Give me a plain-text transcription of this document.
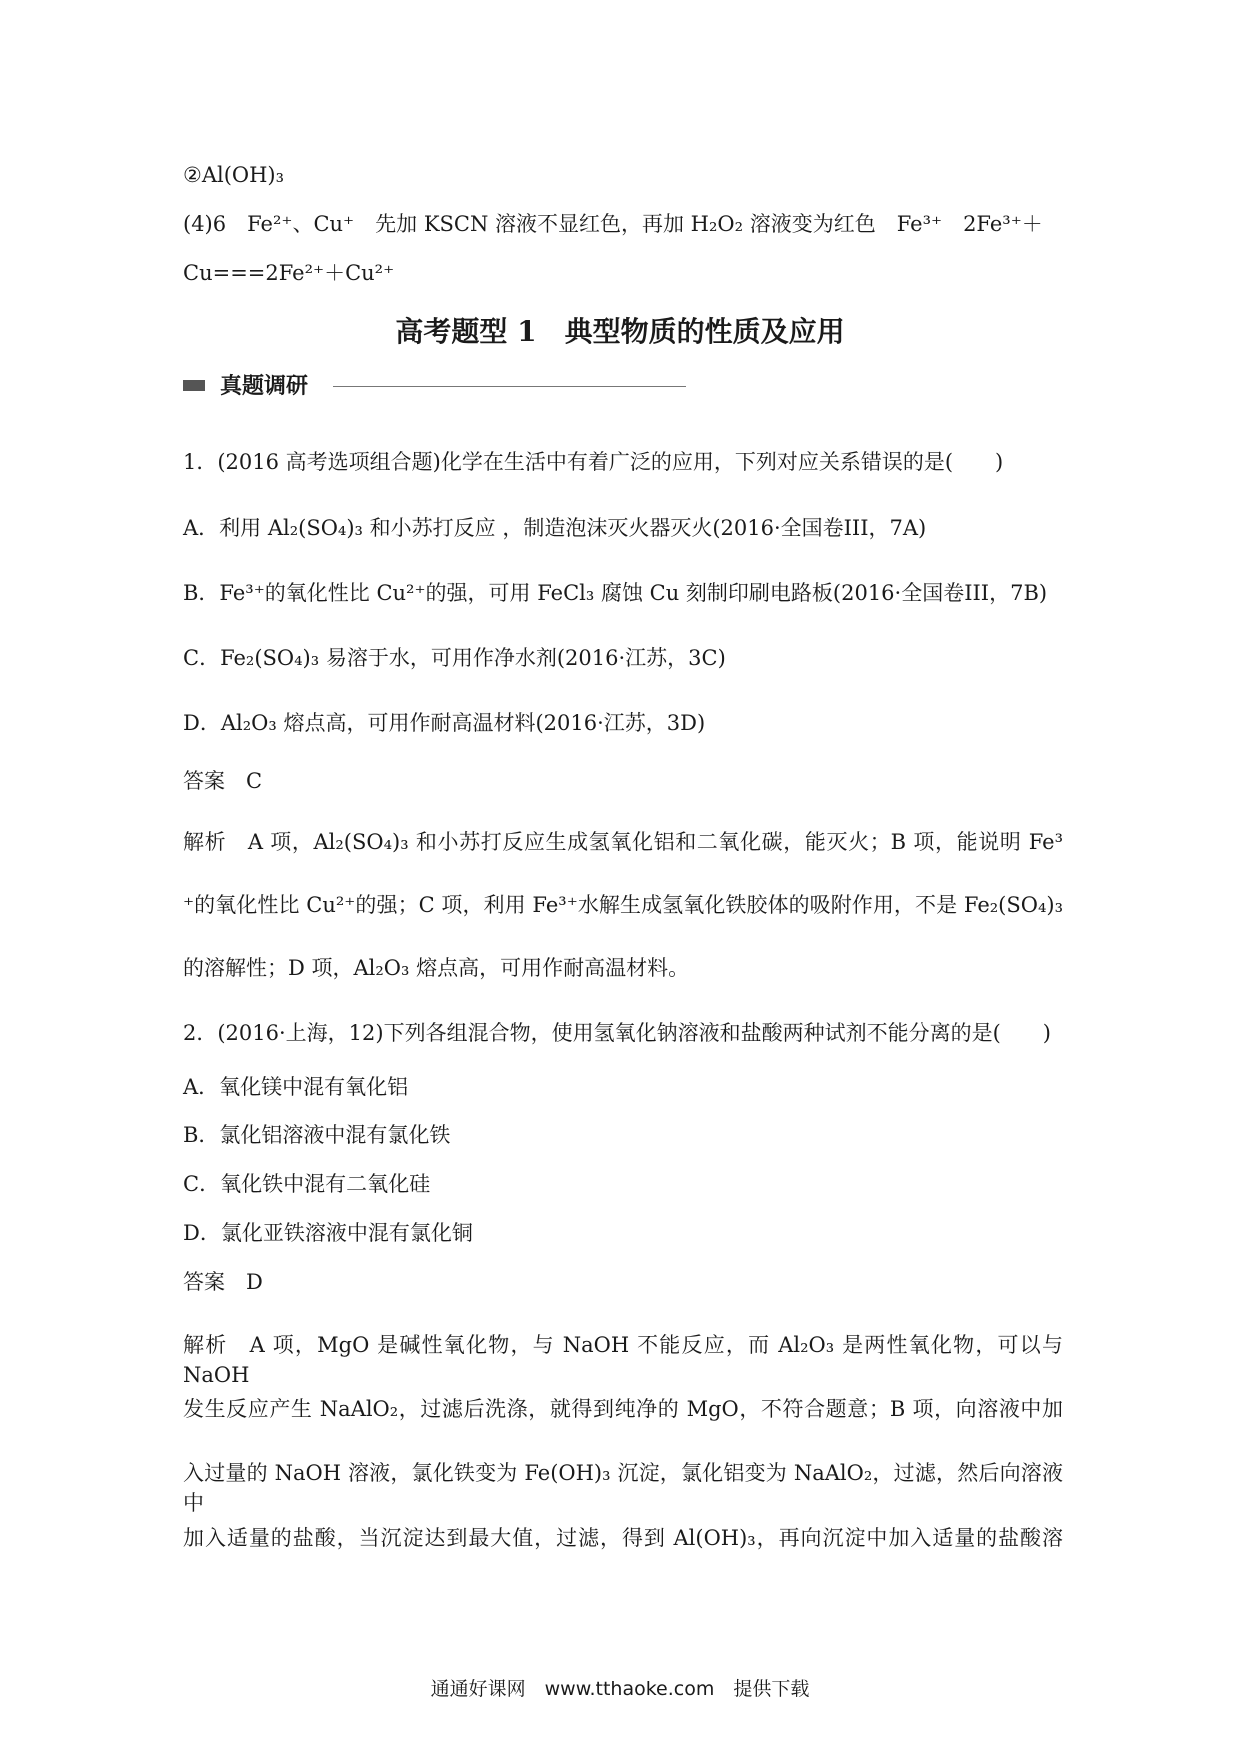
②Al(OH)₃
(4)6　Fe²⁺、Cu⁺　先加 KSCN 溶液不显红色，再加 H₂O₂ 溶液变为红色　Fe³⁺　2Fe³⁺＋
Cu===2Fe²⁺＋Cu²⁺
高考题型 1　典型物质的性质及应用
真题调研
1．(2016 高考选项组合题)化学在生活中有着广泛的应用，下列对应关系错误的是(　　)
A．利用 Al₂(SO₄)₃ 和小苏打反应 ，制造泡沫灭火器灭火(2016·全国卷III，7A)
B．Fe³⁺的氧化性比 Cu²⁺的强，可用 FeCl₃ 腐蚀 Cu 刻制印刷电路板(2016·全国卷III，7B)
C．Fe₂(SO₄)₃ 易溶于水，可用作净水剂(2016·江苏，3C)
D．Al₂O₃ 熔点高，可用作耐高温材料(2016·江苏，3D)
答案　C
解析　A 项，Al₂(SO₄)₃ 和小苏打反应生成氢氧化铝和二氧化碳，能灭火；B 项，能说明 Fe³
⁺的氧化性比 Cu²⁺的强；C 项，利用 Fe³⁺水解生成氢氧化铁胶体的吸附作用，不是 Fe₂(SO₄)₃
的溶解性；D 项，Al₂O₃ 熔点高，可用作耐高温材料。
2．(2016·上海，12)下列各组混合物，使用氢氧化钠溶液和盐酸两种试剂不能分离的是(　　)
A．氧化镁中混有氧化铝
B．氯化铝溶液中混有氯化铁
C．氧化铁中混有二氧化硅
D．氯化亚铁溶液中混有氯化铜
答案　D
解析　A 项，MgO 是碱性氧化物，与 NaOH 不能反应，而 Al₂O₃ 是两性氧化物，可以与 NaOH
发生反应产生 NaAlO₂，过滤后洗涤，就得到纯净的 MgO，不符合题意；B 项，向溶液中加
入过量的 NaOH 溶液，氯化铁变为 Fe(OH)₃ 沉淀，氯化铝变为 NaAlO₂，过滤，然后向溶液中
加入适量的盐酸，当沉淀达到最大值，过滤，得到 Al(OH)₃，再向沉淀中加入适量的盐酸溶
通通好课网　www.tthaoke.com　提供下载
